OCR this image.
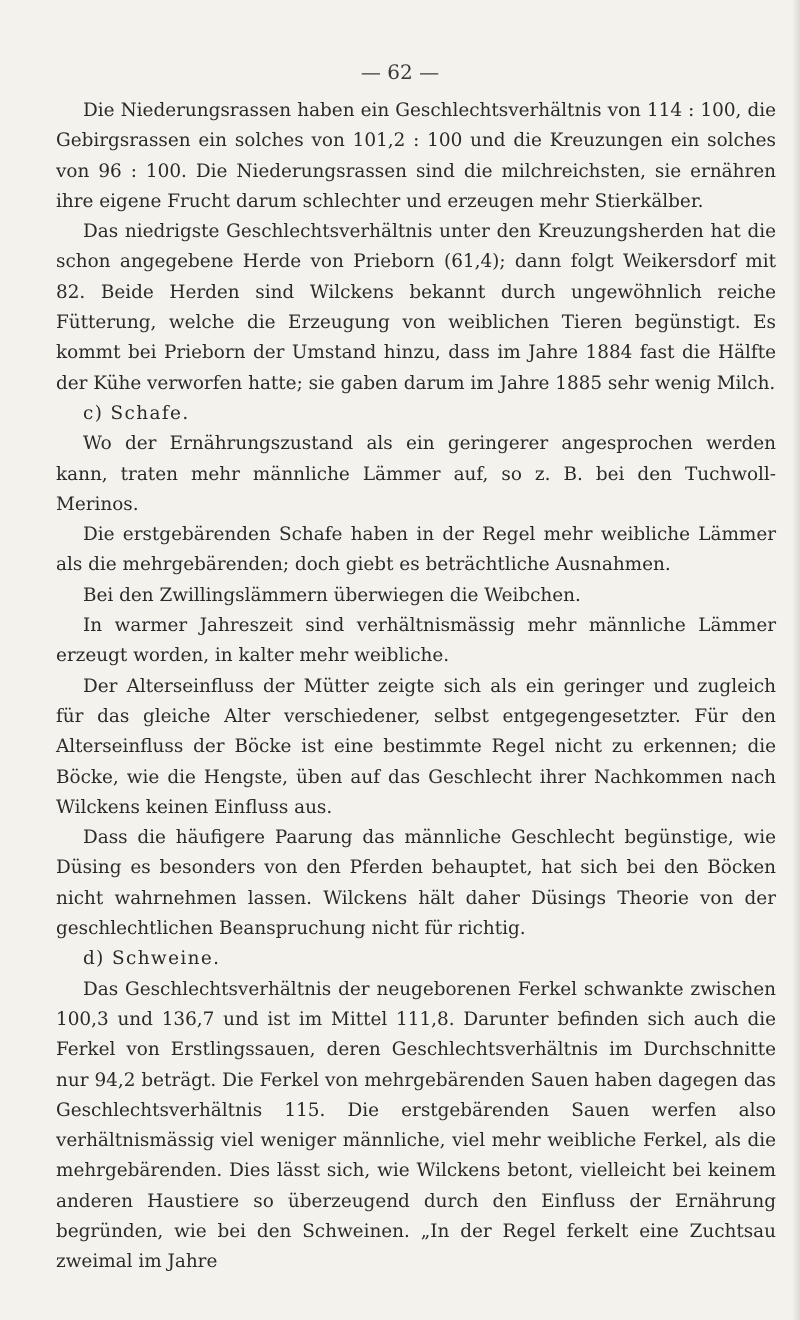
— 62 —

Die Niederungsrassen haben ein Geschlechtsverhältnis von 114 : 100, die Gebirgsrassen ein solches von 101,2 : 100 und die Kreuzungen ein solches von 96 : 100. Die Niederungsrassen sind die milchreichsten, sie ernähren ihre eigene Frucht darum schlechter und erzeugen mehr Stierkälber.

Das niedrigste Geschlechtsverhältnis unter den Kreuzungsherden hat die schon angegebene Herde von Prieborn (61,4); dann folgt Weikersdorf mit 82. Beide Herden sind Wilckens bekannt durch ungewöhnlich reiche Fütterung, welche die Erzeugung von weiblichen Tieren begünstigt. Es kommt bei Prieborn der Umstand hinzu, dass im Jahre 1884 fast die Hälfte der Kühe verworfen hatte; sie gaben darum im Jahre 1885 sehr wenig Milch.

c) Schafe.

Wo der Ernährungszustand als ein geringerer angesprochen werden kann, traten mehr männliche Lämmer auf, so z. B. bei den Tuchwoll-Merinos.

Die erstgebärenden Schafe haben in der Regel mehr weibliche Lämmer als die mehrgebärenden; doch giebt es beträchtliche Ausnahmen.

Bei den Zwillingslämmern überwiegen die Weibchen.

In warmer Jahreszeit sind verhältnismässig mehr männliche Lämmer erzeugt worden, in kalter mehr weibliche.

Der Alterseinfluss der Mütter zeigte sich als ein geringer und zugleich für das gleiche Alter verschiedener, selbst entgegengesetzter. Für den Alterseinfluss der Böcke ist eine bestimmte Regel nicht zu erkennen; die Böcke, wie die Hengste, üben auf das Geschlecht ihrer Nachkommen nach Wilckens keinen Einfluss aus.

Dass die häufigere Paarung das männliche Geschlecht begünstige, wie Düsing es besonders von den Pferden behauptet, hat sich bei den Böcken nicht wahrnehmen lassen. Wilckens hält daher Düsings Theorie von der geschlechtlichen Beanspruchung nicht für richtig.

d) Schweine.

Das Geschlechtsverhältnis der neugeborenen Ferkel schwankte zwischen 100,3 und 136,7 und ist im Mittel 111,8. Darunter befinden sich auch die Ferkel von Erstlingssauen, deren Geschlechtsverhältnis im Durchschnitte nur 94,2 beträgt. Die Ferkel von mehrgebärenden Sauen haben dagegen das Geschlechtsverhältnis 115. Die erstgebärenden Sauen werfen also verhältnismässig viel weniger männliche, viel mehr weibliche Ferkel, als die mehrgebärenden. Dies lässt sich, wie Wilckens betont, vielleicht bei keinem anderen Haustiere so überzeugend durch den Einfluss der Ernährung begründen, wie bei den Schweinen. „In der Regel ferkelt eine Zuchtsau zweimal im Jahre
